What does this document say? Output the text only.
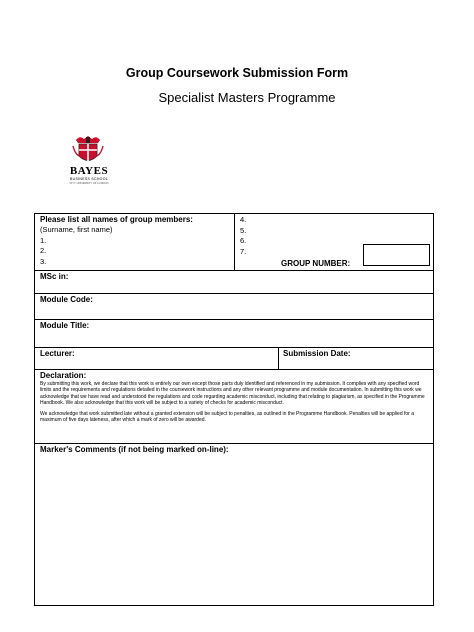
Group Coursework Submission Form
Specialist Masters Programme
BAYES
BUSINESS SCHOOL
CITY, UNIVERSITY OF LONDON
Please list all names of group members:
(Surname, first name)
1.
2.
3.
4.
5.
6.
7.
GROUP NUMBER:
MSc in:
Module Code:
Module Title:
Lecturer:	Submission Date:
Declaration:
By submitting this work, we declare that this work is entirely our own except those parts duly identified and referenced in my submission. It complies with any specified word limits and the requirements and regulations detailed in the coursework instructions and any other relevant programme and module documentation. In submitting this work we acknowledge that we have read and understood the regulations and code regarding academic misconduct, including that relating to plagiarism, as specified in the Programme Handbook. We also acknowledge that this work will be subject to a variety of checks for academic misconduct.
We acknowledge that work submitted late without a granted extension will be subject to penalties, as outlined in the Programme Handbook. Penalties will be applied for a maximum of five days lateness, after which a mark of zero will be awarded.
Marker's Comments (if not being marked on-line):
